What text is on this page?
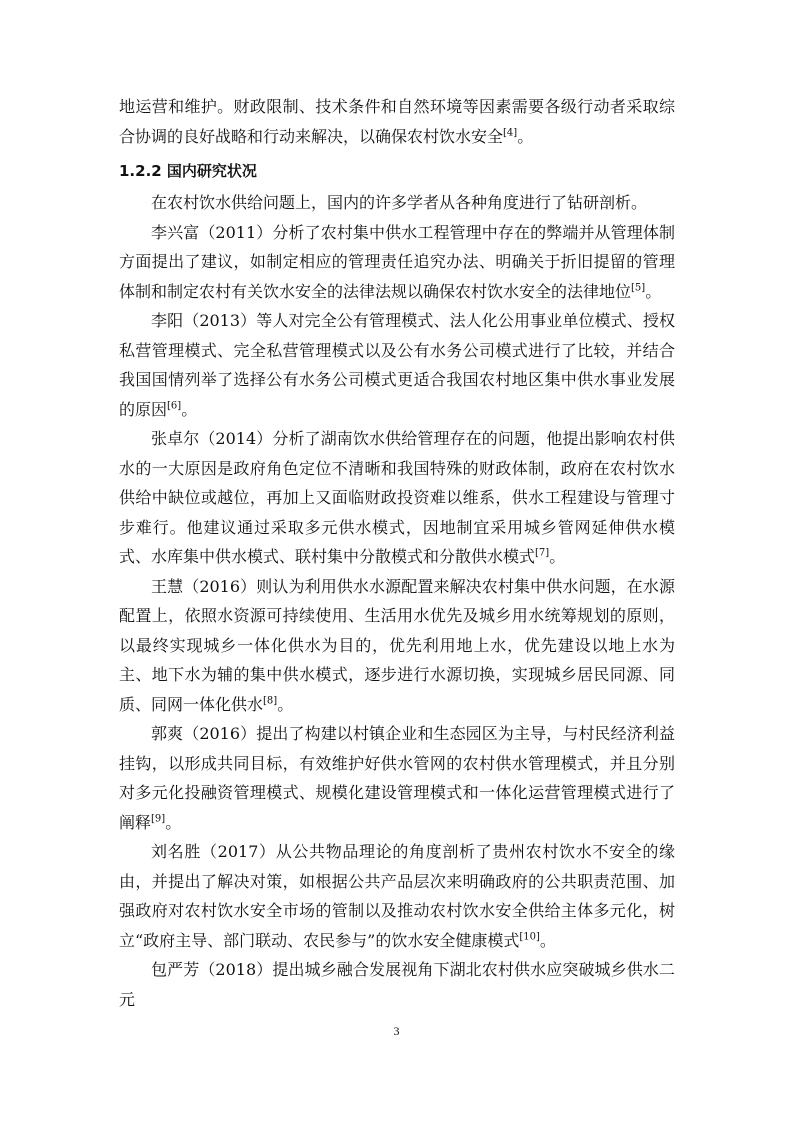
地运营和维护。财政限制、技术条件和自然环境等因素需要各级行动者采取综合协调的良好战略和行动来解决，以确保农村饮水安全[4]。

1.2.2 国内研究状况

在农村饮水供给问题上，国内的许多学者从各种角度进行了钻研剖析。

李兴富（2011）分析了农村集中供水工程管理中存在的弊端并从管理体制方面提出了建议，如制定相应的管理责任追究办法、明确关于折旧提留的管理体制和制定农村有关饮水安全的法律法规以确保农村饮水安全的法律地位[5]。

李阳（2013）等人对完全公有管理模式、法人化公用事业单位模式、授权私营管理模式、完全私营管理模式以及公有水务公司模式进行了比较，并结合我国国情列举了选择公有水务公司模式更适合我国农村地区集中供水事业发展的原因[6]。

张卓尔（2014）分析了湖南饮水供给管理存在的问题，他提出影响农村供水的一大原因是政府角色定位不清晰和我国特殊的财政体制，政府在农村饮水供给中缺位或越位，再加上又面临财政投资难以维系，供水工程建设与管理寸步难行。他建议通过采取多元供水模式，因地制宜采用城乡管网延伸供水模式、水库集中供水模式、联村集中分散模式和分散供水模式[7]。

王慧（2016）则认为利用供水水源配置来解决农村集中供水问题，在水源配置上，依照水资源可持续使用、生活用水优先及城乡用水统筹规划的原则，以最终实现城乡一体化供水为目的，优先利用地上水，优先建设以地上水为主、地下水为辅的集中供水模式，逐步进行水源切换，实现城乡居民同源、同质、同网一体化供水[8]。

郭爽（2016）提出了构建以村镇企业和生态园区为主导，与村民经济利益挂钩，以形成共同目标，有效维护好供水管网的农村供水管理模式，并且分别对多元化投融资管理模式、规模化建设管理模式和一体化运营管理模式进行了阐释[9]。

刘名胜（2017）从公共物品理论的角度剖析了贵州农村饮水不安全的缘由，并提出了解决对策，如根据公共产品层次来明确政府的公共职责范围、加强政府对农村饮水安全市场的管制以及推动农村饮水安全供给主体多元化，树立“政府主导、部门联动、农民参与”的饮水安全健康模式[10]。

包严芳（2018）提出城乡融合发展视角下湖北农村供水应突破城乡供水二元

3
